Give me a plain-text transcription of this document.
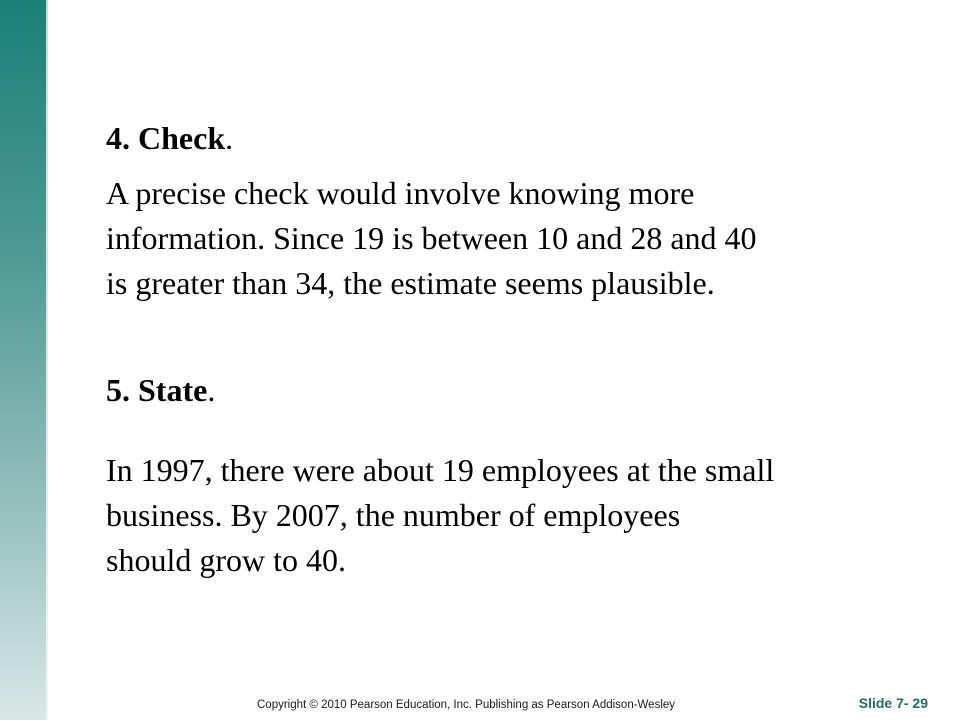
4. Check.

A precise check would involve knowing more
information. Since 19 is between 10 and 28 and 40
is greater than 34, the estimate seems plausible.

5. State.

In 1997, there were about 19 employees at the small
business. By 2007, the number of employees
should grow to 40.

Copyright © 2010 Pearson Education, Inc. Publishing as Pearson Addison-Wesley	Slide 7- 29
